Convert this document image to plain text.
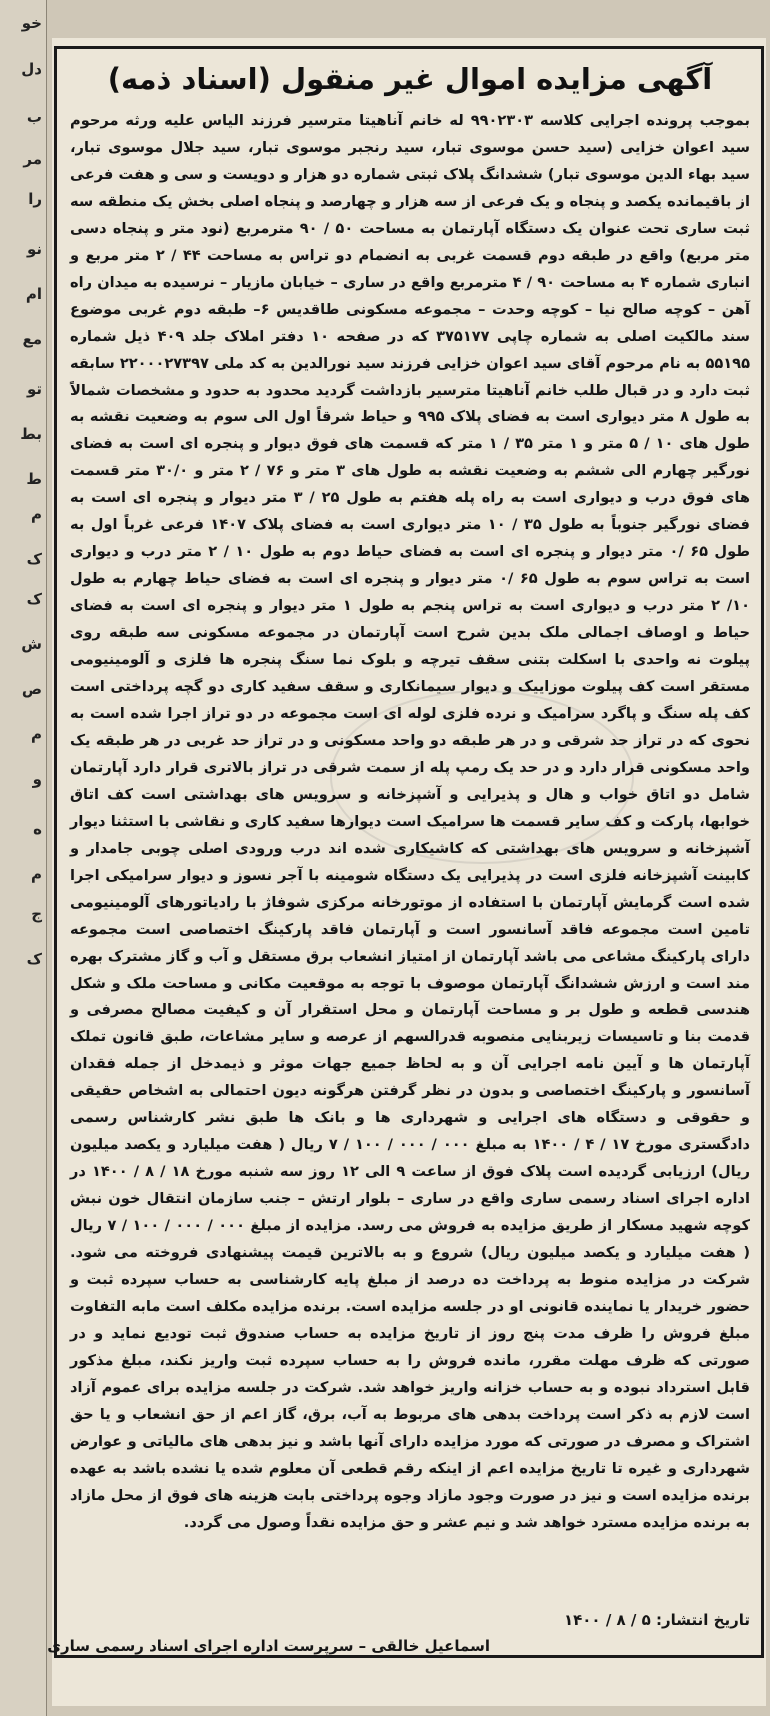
خو
دل
ب
مر
را
نو
ام
مع
تو
بط
ط
م
ک
ک
ش
ص
م
و
ه
م
ج
ک
آگهی مزایده اموال غیر منقول (اسناد ذمه)

بموجب پرونده اجرایی کلاسه ۹۹۰۲۳۰۳ له خانم آناهیتا مترسیر فرزند الیاس علیه ورثه مرحوم سید اعوان خزایی (سید حسن موسوی تبار، سید رنجبر موسوی تبار، سید جلال موسوی تبار، سید بهاء الدین موسوی تبار) ششدانگ پلاک ثبتی شماره دو هزار و دویست و سی و هفت فرعی از باقیمانده یکصد و پنجاه و یک فرعی از سه هزار و چهارصد و پنجاه اصلی بخش یک منطقه سه ثبت ساری تحت عنوان یک دستگاه آپارتمان به مساحت ۵۰ / ۹۰ مترمربع (نود متر و پنجاه دسی متر مربع) واقع در طبقه دوم قسمت غربی به انضمام دو تراس به مساحت ۴۴ / ۲ متر مربع و انباری شماره ۴ به مساحت ۹۰ / ۴ مترمربع واقع در ساری – خیابان مازیار – نرسیده به میدان راه آهن – کوچه صالح نیا – کوچه وحدت – مجموعه مسکونی طاقدیس ۶– طبقه دوم غربی موضوع سند مالکیت اصلی به شماره چاپی ۳۷۵۱۷۷ که در صفحه ۱۰ دفتر املاک جلد ۴۰۹ ذیل شماره ۵۵۱۹۵ به نام مرحوم آقای سید اعوان خزایی فرزند سید نورالدین به کد ملی ۲۲۰۰۰۲۷۳۹۷ سابقه ثبت دارد و در قبال طلب خانم آناهیتا مترسیر بازداشت گردید محدود به حدود و مشخصات شمالاً به طول ۸ متر دیواری است به فضای پلاک ۹۹۵ و حیاط شرقاً اول الی سوم به وضعیت نقشه به طول های ۱۰ / ۵ متر و ۱ متر ۳۵ / ۱ متر که قسمت های فوق دیوار و پنجره ای است به فضای نورگیر چهارم الی ششم به وضعیت نقشه به طول های ۳ متر و ۷۶ / ۲ متر و ۳۰/۰ متر قسمت های فوق درب و دیواری است به راه پله هفتم به طول ۲۵ / ۳ متر دیوار و پنجره ای است به فضای نورگیر جنوباً به طول ۳۵ / ۱۰ متر دیواری است به فضای پلاک ۱۴۰۷ فرعی غرباً اول به طول ۶۵ /۰ متر دیوار و پنجره ای است به فضای حیاط دوم به طول ۱۰ / ۲ متر درب و دیواری است به تراس سوم به طول ۶۵ /۰ متر دیوار و پنجره ای است به فضای حیاط چهارم به طول ۱۰/ ۲ متر درب و دیواری است به تراس پنجم به طول ۱ متر دیوار و پنجره ای است به فضای حیاط و اوصاف اجمالی ملک بدین شرح است آپارتمان در مجموعه مسکونی سه طبقه روی پیلوت نه واحدی با اسکلت بتنی سقف تیرچه و بلوک نما سنگ پنجره ها فلزی و آلومینیومی مستقر است کف پیلوت موزاییک و دیوار سیمانکاری و سقف سفید کاری دو گچه پرداختی است کف پله سنگ و پاگرد سرامیک و نرده فلزی لوله ای است مجموعه در دو تراز اجرا شده است به نحوی که در تراز حد شرقی و در هر طبقه دو واحد مسکونی و در تراز حد غربی در هر طبقه یک واحد مسکونی قرار دارد و در حد یک رمپ پله از سمت شرقی در تراز بالاتری قرار دارد آپارتمان شامل دو اتاق خواب و هال و پذیرایی و آشپزخانه و سرویس های بهداشتی است کف اتاق خوابها، پارکت و کف سایر قسمت ها سرامیک است دیوارها سفید کاری و نقاشی با استثنا دیوار آشپزخانه و سرویس های بهداشتی که کاشیکاری شده اند درب ورودی اصلی چوبی جامدار و کابینت آشپزخانه فلزی است در پذیرایی یک دستگاه شومینه با آجر نسوز و دیوار سرامیکی اجرا شده است گرمایش آپارتمان با استفاده از موتورخانه مرکزی شوفاژ با رادیاتورهای آلومینیومی تامین است مجموعه فاقد آسانسور است و آپارتمان فاقد پارکینگ اختصاصی است مجموعه دارای پارکینگ مشاعی می باشد آپارتمان از امتیاز انشعاب برق مستقل و آب و گاز مشترک بهره مند است و ارزش ششدانگ آپارتمان موصوف با توجه به موقعیت مکانی و مساحت ملک و شکل هندسی قطعه و طول بر و مساحت آپارتمان و محل استقرار آن و کیفیت مصالح مصرفی و قدمت بنا و تاسیسات زیربنایی منصوبه قدرالسهم از عرصه و سایر مشاعات، طبق قانون تملک آپارتمان ها و آیین نامه اجرایی آن و به لحاظ جمیع جهات موثر و ذیمدخل از جمله فقدان آسانسور و پارکینگ اختصاصی و بدون در نظر گرفتن هرگونه دیون احتمالی به اشخاص حقیقی و حقوقی و دستگاه های اجرایی و شهرداری ها و بانک ها طبق نشر کارشناس رسمی دادگستری مورخ ۱۷ / ۴ / ۱۴۰۰ به مبلغ ۰۰۰ / ۰۰۰ / ۱۰۰ / ۷ ریال ( هفت میلیارد و یکصد میلیون ریال) ارزیابی گردیده است پلاک فوق از ساعت ۹ الی ۱۲ روز سه شنبه مورخ ۱۸ / ۸ / ۱۴۰۰ در اداره اجرای اسناد رسمی ساری واقع در ساری – بلوار ارتش – جنب سازمان انتقال خون نبش کوچه شهید مسکار از طریق مزایده به فروش می رسد. مزایده از مبلغ ۰۰۰ / ۰۰۰ / ۱۰۰ / ۷ ریال ( هفت میلیارد و یکصد میلیون ریال) شروع و به بالاترین قیمت پیشنهادی فروخته می شود. شرکت در مزایده منوط به پرداخت ده درصد از مبلغ پایه کارشناسی به حساب سپرده ثبت و حضور خریدار یا نماینده قانونی او در جلسه مزایده است. برنده مزایده مکلف است مابه التفاوت مبلغ فروش را ظرف مدت پنج روز از تاریخ مزایده به حساب صندوق ثبت تودیع نماید و در صورتی که ظرف مهلت مقرر، مانده فروش را به حساب سپرده ثبت واریز نکند، مبلغ مذکور قابل استرداد نبوده و به حساب خزانه واریز خواهد شد. شرکت در جلسه مزایده برای عموم آزاد است لازم به ذکر است پرداخت بدهی های مربوط به آب، برق، گاز اعم از حق انشعاب و یا حق اشتراک و مصرف در صورتی که مورد مزایده دارای آنها باشد و نیز بدهی های مالیاتی و عوارض شهرداری و غیره تا تاریخ مزایده اعم از اینکه رقم قطعی آن معلوم شده یا نشده باشد به عهده برنده مزایده است و نیز در صورت وجود مازاد وجوه پرداختی بابت هزینه های فوق از محل مازاد به برنده مزایده مسترد خواهد شد و نیم عشر و حق مزایده نقداً وصول می گردد.

تاریخ انتشار: ۵ / ۸ / ۱۴۰۰
اسماعیل خالقی – سرپرست اداره اجرای اسناد رسمی ساری
